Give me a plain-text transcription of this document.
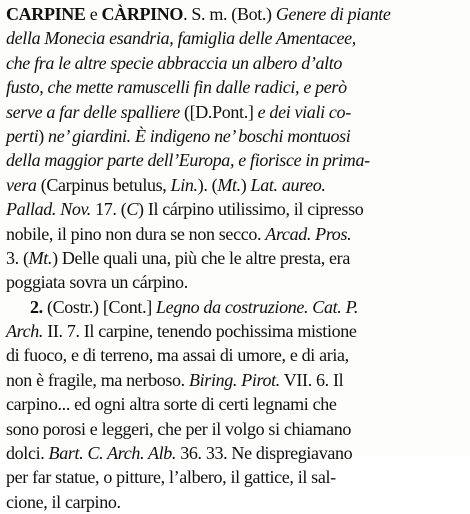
CARPINE e CÀRPINO. S. m. (Bot.) Genere di piante
della Monecia esandria, famiglia delle Amentacee,
che fra le altre specie abbraccia un albero d’alto
fusto, che mette ramuscelli fin dalle radici, e però
serve a far delle spalliere ([D.Pont.] e dei viali co-
perti) ne’ giardini. È indigeno ne’ boschi montuosi
della maggior parte dell’Europa, e fiorisce in prima-
vera (Carpinus betulus, Lin.). (Mt.) Lat. aureo.
Pallad. Nov. 17. (C) Il cárpino utilissimo, il cipresso
nobile, il pino non dura se non secco. Arcad. Pros.
3. (Mt.) Delle quali una, più che le altre presta, era
poggiata sovra un cárpino.
2. (Costr.) [Cont.] Legno da costruzione. Cat. P.
Arch. II. 7. Il carpine, tenendo pochissima mistione
di fuoco, e di terreno, ma assai di umore, e di aria,
non è fragile, ma nerboso. Biring. Pirot. VII. 6. Il
carpino... ed ogni altra sorte di certi legnami che
sono porosi e leggeri, che per il volgo si chiamano
dolci. Bart. C. Arch. Alb. 36. 33. Ne dispregiavano
per far statue, o pitture, l’albero, il gattice, il sal-
cione, il carpino.
